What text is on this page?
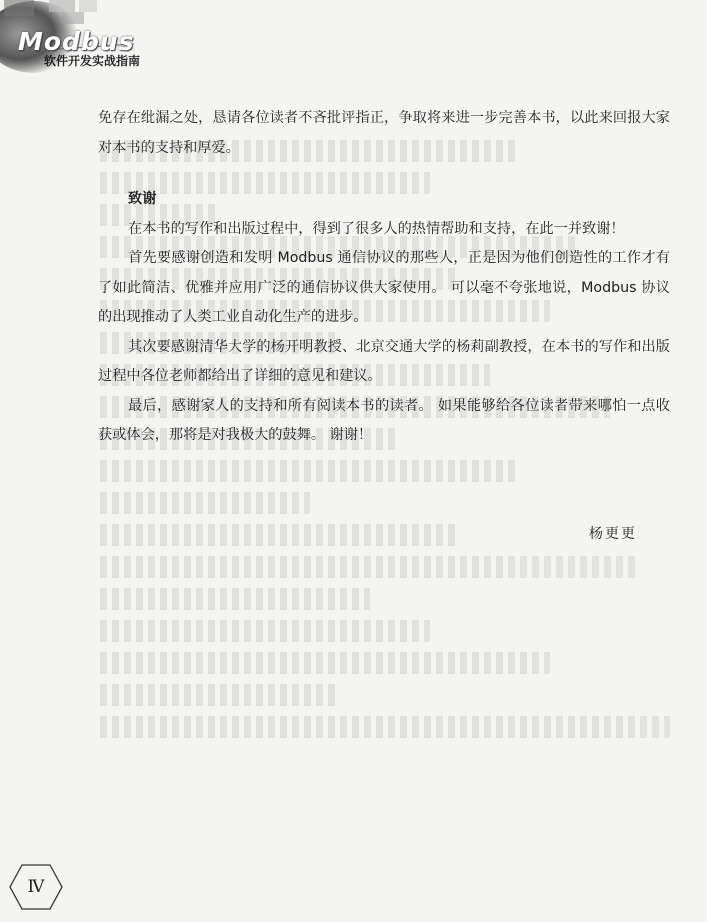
Modbus
软件开发实战指南

免存在纰漏之处，恳请各位读者不吝批评指正，争取将来进一步完善本书，以此来回报大家对本书的支持和厚爱。

致谢

在本书的写作和出版过程中，得到了很多人的热情帮助和支持，在此一并致谢！

首先要感谢创造和发明 Modbus 通信协议的那些人，正是因为他们创造性的工作才有了如此简洁、优雅并应用广泛的通信协议供大家使用。 可以毫不夸张地说，Modbus 协议的出现推动了人类工业自动化生产的进步。

其次要感谢清华大学的杨开明教授、北京交通大学的杨莉副教授，在本书的写作和出版过程中各位老师都给出了详细的意见和建议。

最后，感谢家人的支持和所有阅读本书的读者。 如果能够给各位读者带来哪怕一点收获或体会，那将是对我极大的鼓舞。 谢谢！

杨更更
Ⅳ
